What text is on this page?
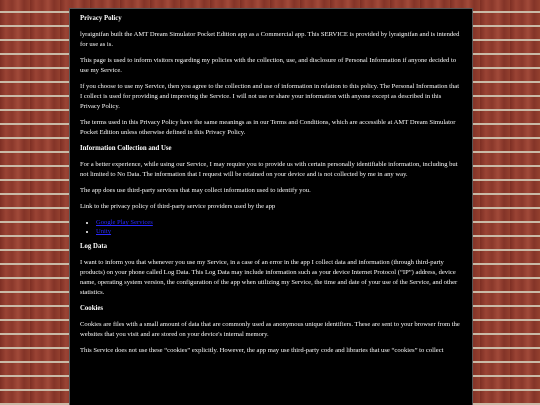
Privacy Policy

lyraignifan built the AMT Dream Simulator Pocket Edition app as a Commercial app. This SERVICE is provided by lyraignifan and is intended for use as is.

This page is used to inform visitors regarding my policies with the collection, use, and disclosure of Personal Information if anyone decided to use my Service.

If you choose to use my Service, then you agree to the collection and use of information in relation to this policy. The Personal Information that I collect is used for providing and improving the Service. I will not use or share your information with anyone except as described in this Privacy Policy.

The terms used in this Privacy Policy have the same meanings as in our Terms and Conditions, which are accessible at AMT Dream Simulator Pocket Edition unless otherwise defined in this Privacy Policy.

Information Collection and Use

For a better experience, while using our Service, I may require you to provide us with certain personally identifiable information, including but not limited to No Data. The information that I request will be retained on your device and is not collected by me in any way.

The app does use third-party services that may collect information used to identify you.

Link to the privacy policy of third-party service providers used by the app

• Google Play Services
• Unity
Log Data

I want to inform you that whenever you use my Service, in a case of an error in the app I collect data and information (through third-party products) on your phone called Log Data. This Log Data may include information such as your device Internet Protocol (“IP”) address, device name, operating system version, the configuration of the app when utilizing my Service, the time and date of your use of the Service, and other statistics.

Cookies

Cookies are files with a small amount of data that are commonly used as anonymous unique identifiers. These are sent to your browser from the websites that you visit and are stored on your device's internal memory.

This Service does not use these “cookies” explicitly. However, the app may use third-party code and libraries that use “cookies” to collect
